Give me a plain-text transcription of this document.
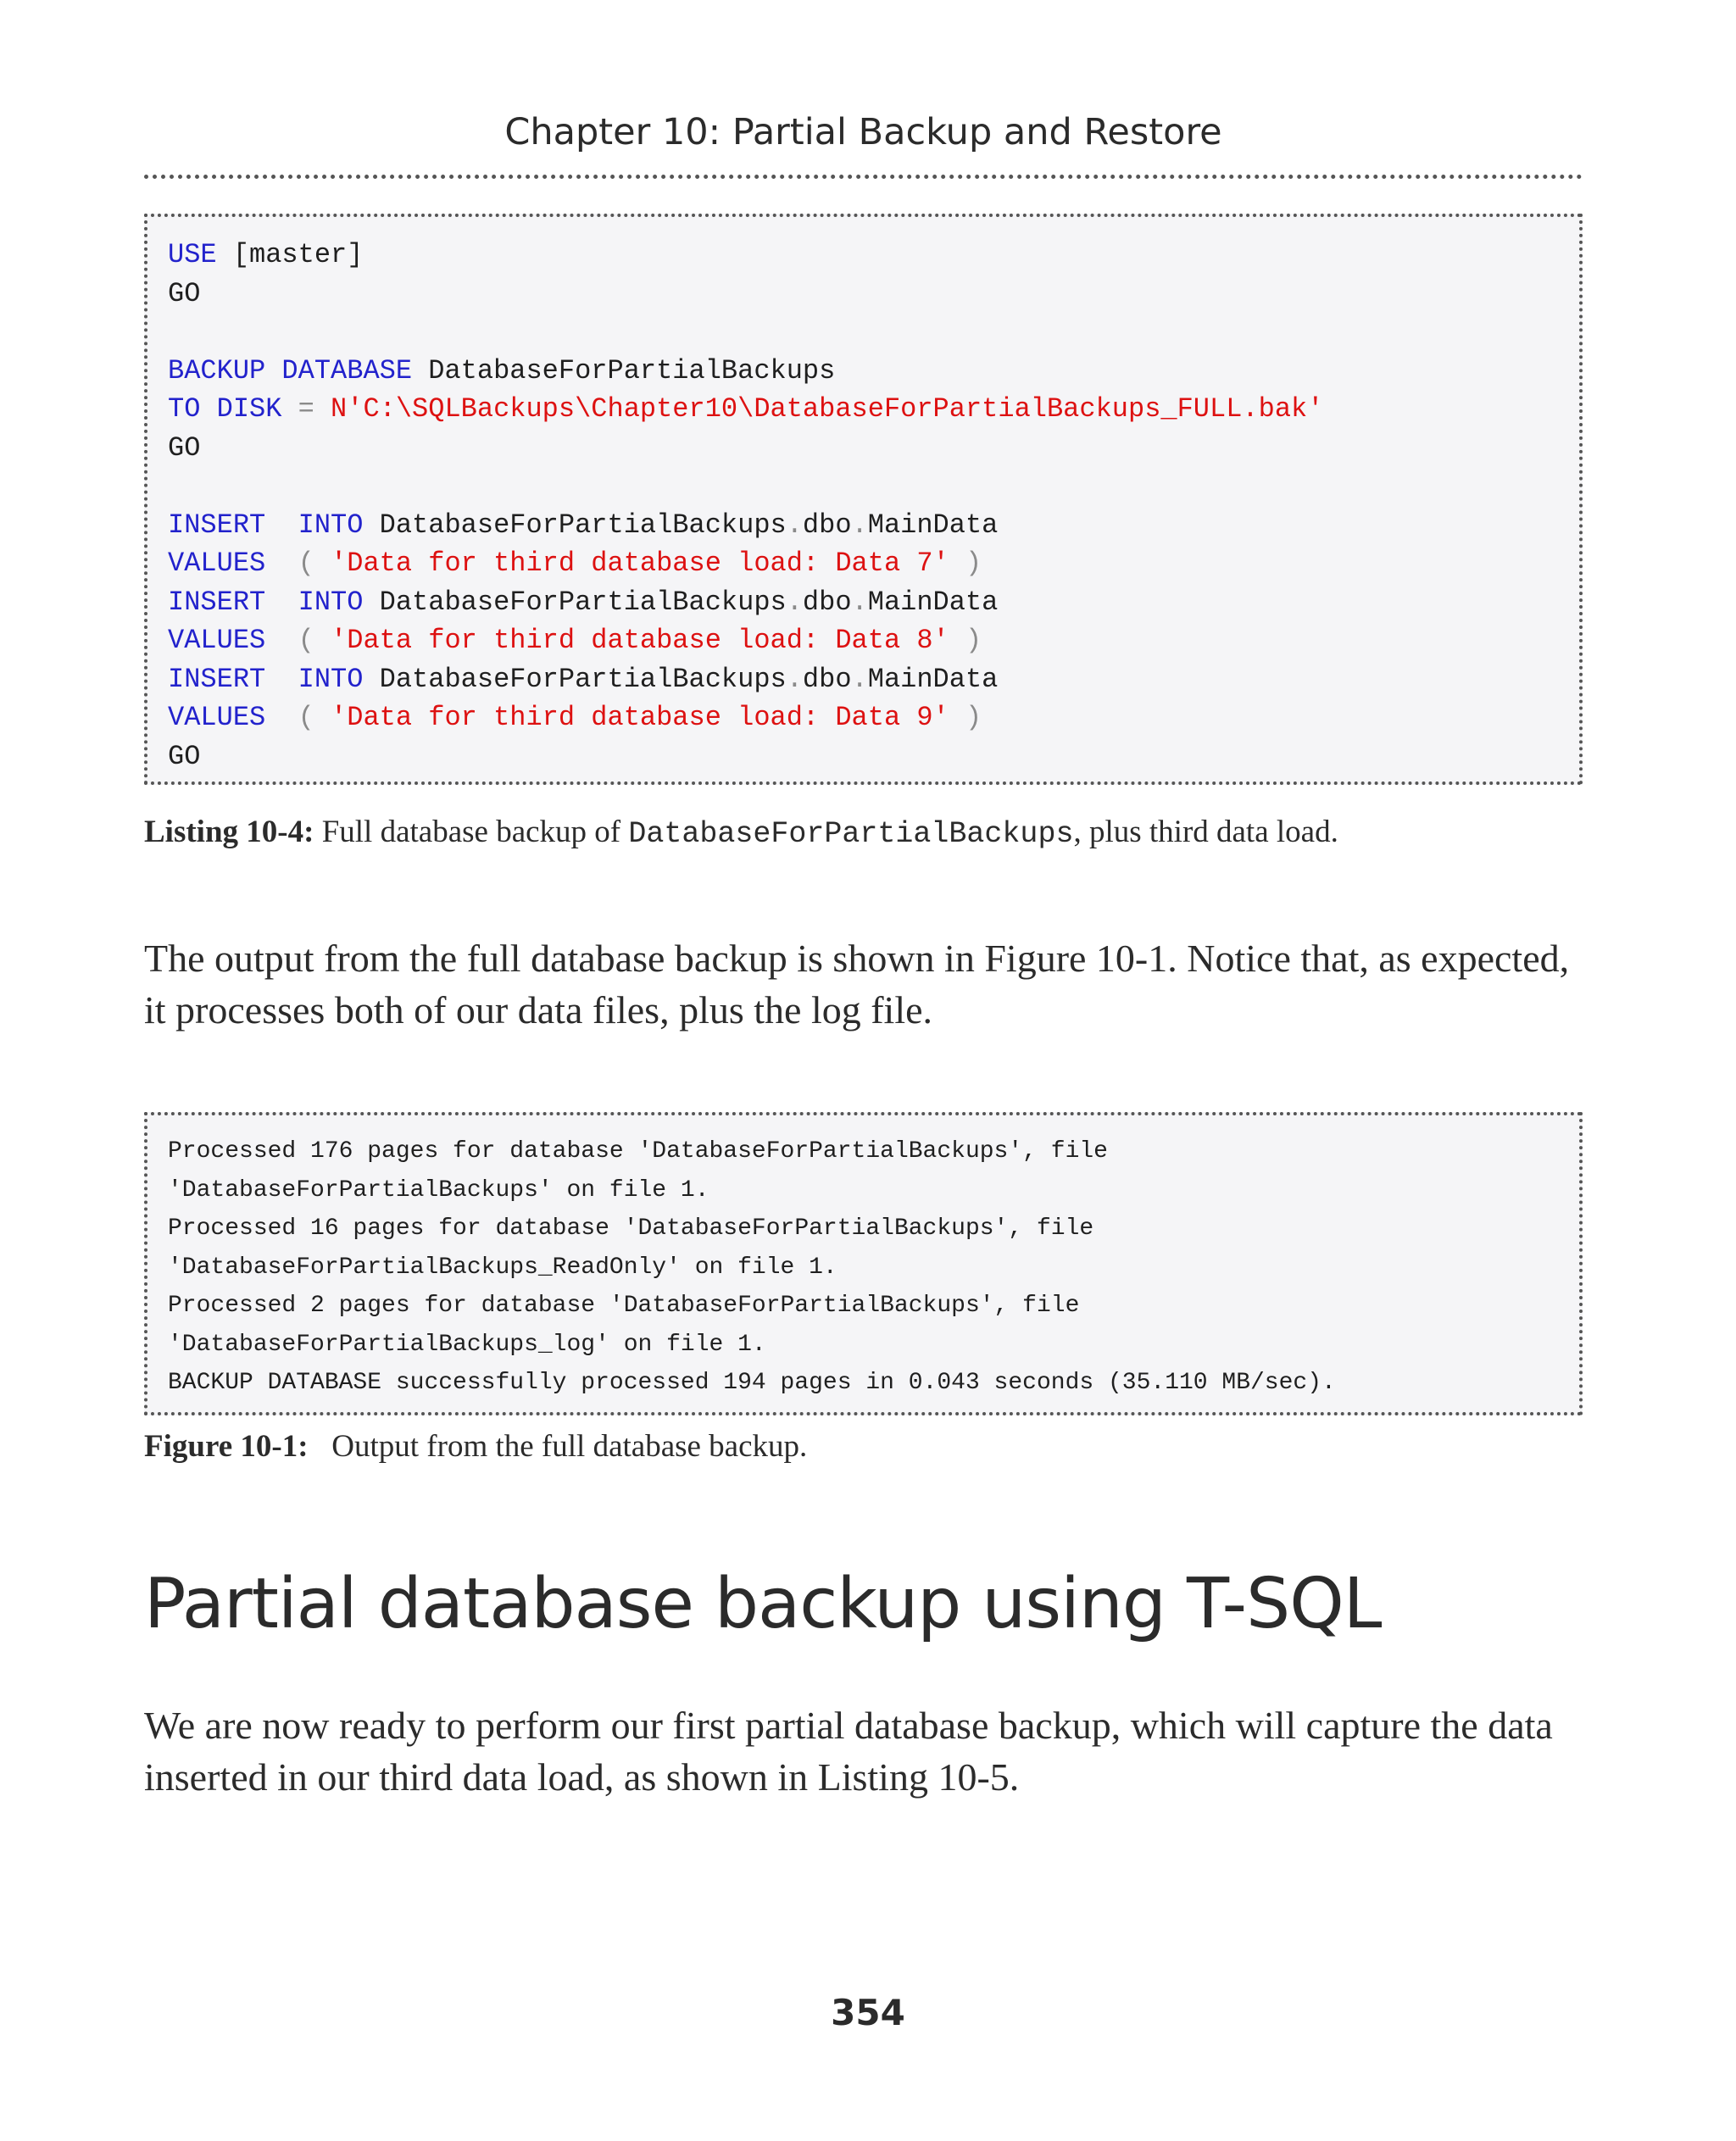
Chapter 10: Partial Backup and Restore
USE [master]
GO
BACKUP DATABASE DatabaseForPartialBackups
TO DISK = N'C:\SQLBackups\Chapter10\DatabaseForPartialBackups_FULL.bak'
GO
INSERT INTO DatabaseForPartialBackups.dbo.MainData
VALUES  ( 'Data for third database load: Data 7' )
INSERT INTO DatabaseForPartialBackups.dbo.MainData
VALUES  ( 'Data for third database load: Data 8' )
INSERT INTO DatabaseForPartialBackups.dbo.MainData
VALUES  ( 'Data for third database load: Data 9' )
GO
Listing 10-4: Full database backup of DatabaseForPartialBackups, plus third data load.

The output from the full database backup is shown in Figure 10-1. Notice that, as expected, it processes both of our data files, plus the log file.

Processed 176 pages for database 'DatabaseForPartialBackups', file
'DatabaseForPartialBackups' on file 1.
Processed 16 pages for database 'DatabaseForPartialBackups', file
'DatabaseForPartialBackups_ReadOnly' on file 1.
Processed 2 pages for database 'DatabaseForPartialBackups', file
'DatabaseForPartialBackups_log' on file 1.
BACKUP DATABASE successfully processed 194 pages in 0.043 seconds (35.110 MB/sec).
Figure 10-1:   Output from the full database backup.
Partial database backup using T-SQL

We are now ready to perform our first partial database backup, which will capture the data inserted in our third data load, as shown in Listing 10-5.

354
